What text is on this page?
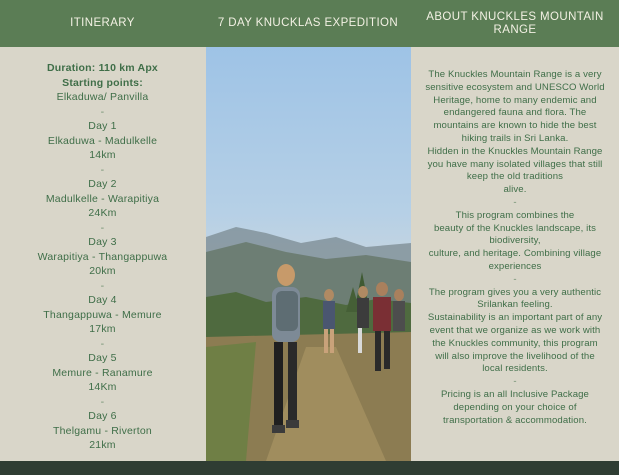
ITINERARY	7 DAY KNUCKLAS EXPEDITION
ABOUT KNUCKLES MOUNTAIN RANGE
Duration: 110 km Apx
Starting points:
Elkaduwa/ Panvilla
-
Day 1
Elkaduwa - Madulkelle
14km
-
Day 2
Madulkelle - Warapitiya
24Km
-
Day 3
Warapitiya - Thangappuwa
20km
-
Day 4
Thangappuwa - Memure
17km
-
Day 5
Memure - Ranamure
14Km
-
Day 6
Thelgamu - Riverton
21km
The Knuckles Mountain Range is a very
sensitive ecosystem and UNESCO World
Heritage, home to many endemic and
endangered fauna and flora. The
mountains are known to hide the best
hiking trails in Sri Lanka.
Hidden in the Knuckles Mountain Range
you have many isolated villages that still
keep the old traditions
alive.
-
This program combines the
beauty of the Knuckles landscape, its
biodiversity,
culture, and heritage. Combining village
experiences
-
The program gives you a very authentic
Srilankan feeling.
Sustainability is an important part of any
event that we organize as we work with
the Knuckles community, this program
will also improve the livelihood of the
local residents.
-
Pricing is an all Inclusive Package
depending on your choice of
transportation & accommodation.
